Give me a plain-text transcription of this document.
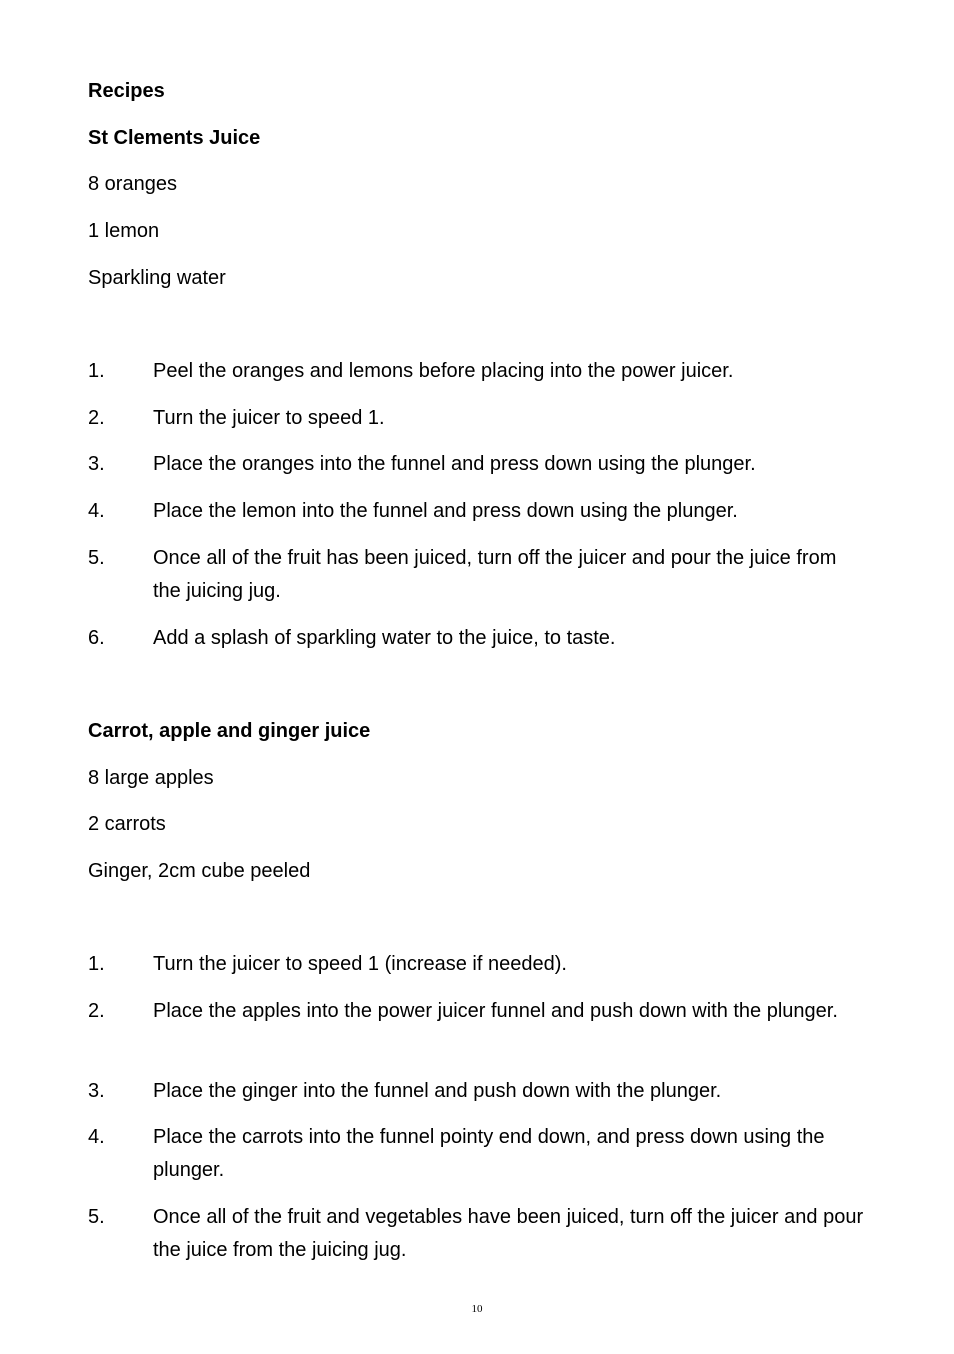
Recipes
St Clements Juice
8 oranges
1 lemon
Sparkling water
1.	Peel the oranges and lemons before placing into the power juicer.
2.	Turn the juicer to speed 1.
3.	Place the oranges into the funnel and press down using the plunger.
4.	Place the lemon into the funnel and press down using the plunger.
5.	Once all of the fruit has been juiced, turn off the juicer and pour the juice from the juicing jug.
6.	Add a splash of sparkling water to the juice, to taste.
Carrot, apple and ginger juice
8 large apples
2 carrots
Ginger, 2cm cube peeled
1.	Turn the juicer to speed 1 (increase if needed).
2.	Place the apples into the power juicer funnel and push down with the plunger.
3.	Place the ginger into the funnel and push down with the plunger.
4.	Place the carrots into the funnel pointy end down, and press down using the plunger.
5.	Once all of the fruit and vegetables have been juiced, turn off the juicer and pour the juice from the juicing jug.
10
